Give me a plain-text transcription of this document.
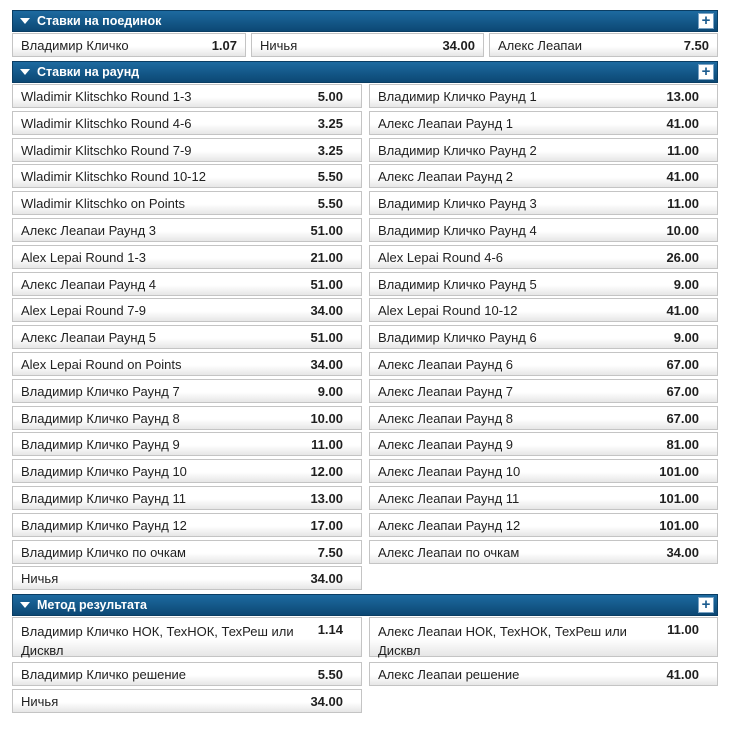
Ставки на поединок	+
Владимир Кличко	1.07 Ничья	34.00 Алекс Леапаи	7.50
Ставки на раунд	+
Wladimir Klitschko Round 1-3	5.00
Wladimir Klitschko Round 4-6	3.25
Wladimir Klitschko Round 7-9	3.25
Wladimir Klitschko Round 10-12	5.50
Wladimir Klitschko on Points	5.50
Алекс Леапаи Раунд 3	51.00
Alex Lepai Round 1-3	21.00
Алекс Леапаи Раунд 4	51.00
Alex Lepai Round 7-9	34.00
Алекс Леапаи Раунд 5	51.00
Alex Lepai Round on Points	34.00
Владимир Кличко Раунд 7	9.00
Владимир Кличко Раунд 8	10.00
Владимир Кличко Раунд 9	11.00
Владимир Кличко Раунд 10	12.00
Владимир Кличко Раунд 11	13.00
Владимир Кличко Раунд 12	17.00
Владимир Кличко по очкам	7.50
Ничья	34.00
Владимир Кличко Раунд 1	13.00
Алекс Леапаи Раунд 1	41.00
Владимир Кличко Раунд 2	11.00
Алекс Леапаи Раунд 2	41.00
Владимир Кличко Раунд 3	11.00
Владимир Кличко Раунд 4	10.00
Alex Lepai Round 4-6	26.00
Владимир Кличко Раунд 5	9.00
Alex Lepai Round 10-12	41.00
Владимир Кличко Раунд 6	9.00
Алекс Леапаи Раунд 6	67.00
Алекс Леапаи Раунд 7	67.00
Алекс Леапаи Раунд 8	67.00
Алекс Леапаи Раунд 9	81.00
Алекс Леапаи Раунд 10	101.00
Алекс Леапаи Раунд 11	101.00
Алекс Леапаи Раунд 12	101.00
Алекс Леапаи по очкам	34.00
Метод результата	+
Владимир Кличко НОК, ТехНОК, ТехРеш или Дисквл
1.14
Владимир Кличко решение	5.50
Ничья	34.00
Алекс Леапаи НОК, ТехНОК, ТехРеш или Дисквл
11.00
Алекс Леапаи решение	41.00
